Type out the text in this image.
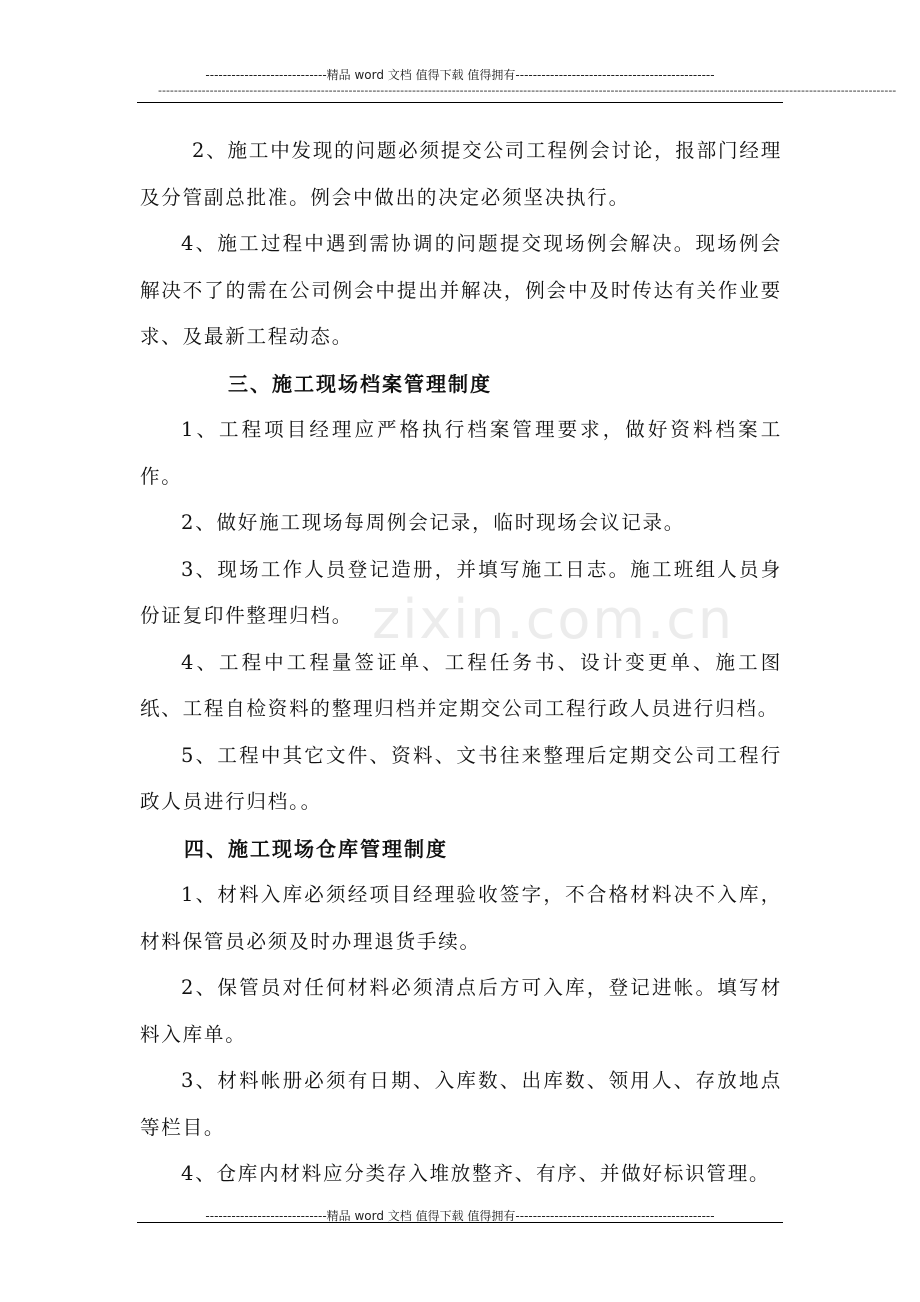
----------------------------精品 word 文档 值得下载 值得拥有----------------------------------------------
------------------------------------------------------------------------------------------------------------------------------------------------------------------------------------------
zixin.com.cn

2、施工中发现的问题必须提交公司工程例会讨论，报部门经理及分管副总批准。例会中做出的决定必须坚决执行。

4、施工过程中遇到需协调的问题提交现场例会解决。现场例会解决不了的需在公司例会中提出并解决，例会中及时传达有关作业要求、及最新工程动态。

三、施工现场档案管理制度

1、工程项目经理应严格执行档案管理要求，做好资料档案工作。

2、做好施工现场每周例会记录，临时现场会议记录。

3、现场工作人员登记造册，并填写施工日志。施工班组人员身份证复印件整理归档。

4、工程中工程量签证单、工程任务书、设计变更单、施工图纸、工程自检资料的整理归档并定期交公司工程行政人员进行归档。

5、工程中其它文件、资料、文书往来整理后定期交公司工程行政人员进行归档。。

四、施工现场仓库管理制度

1、材料入库必须经项目经理验收签字，不合格材料决不入库，材料保管员必须及时办理退货手续。

2、保管员对任何材料必须清点后方可入库，登记进帐。填写材料入库单。

3、材料帐册必须有日期、入库数、出库数、领用人、存放地点等栏目。

4、仓库内材料应分类存入堆放整齐、有序、并做好标识管理。

----------------------------精品 word 文档 值得下载 值得拥有----------------------------------------------
